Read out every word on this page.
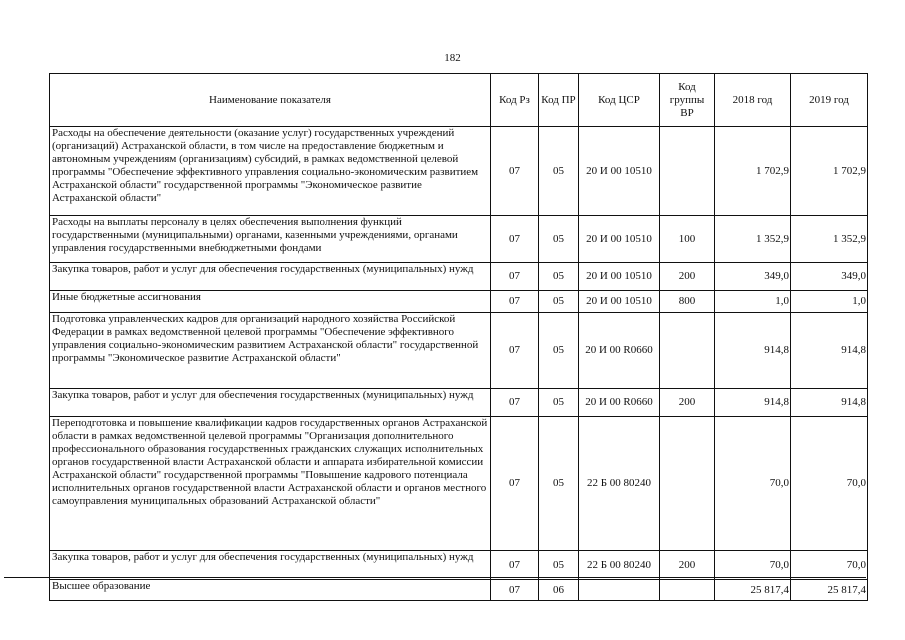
182
Наименование показателя	Код Рз	Код ПР	Код ЦСР	Код группы ВР	2018 год	2019 год
Расходы на обеспечение деятельности (оказание услуг) государственных учреждений (организаций) Астраханской области, в том числе на предоставление бюджетным и автономным учреждениям (организациям) субсидий, в рамках ведомственной целевой программы "Обеспечение эффективного управления социально-экономическим развитием Астраханской области" государственной программы "Экономическое развитие Астраханской области"	07	05	20 И 00 10510		1 702,9	1 702,9
Расходы на выплаты персоналу в целях обеспечения выполнения функций государственными (муниципальными) органами, казенными учреждениями, органами управления государственными внебюджетными фондами	07	05	20 И 00 10510	100	1 352,9	1 352,9
Закупка товаров, работ и услуг для обеспечения государственных (муниципальных) нужд	07	05	20 И 00 10510	200	349,0	349,0
Иные бюджетные ассигнования	07	05	20 И 00 10510	800	1,0	1,0
Подготовка управленческих кадров для организаций народного хозяйства Российской Федерации в рамках ведомственной целевой программы "Обеспечение эффективного управления социально-экономическим развитием Астраханской области" государственной программы "Экономическое развитие Астраханской области"	07	05	20 И 00 R0660		914,8	914,8
Закупка товаров, работ и услуг для обеспечения государственных (муниципальных) нужд	07	05	20 И 00 R0660	200	914,8	914,8
Переподготовка и повышение квалификации кадров государственных органов Астраханской области в рамках ведомственной целевой программы "Организация дополнительного профессионального образования государственных гражданских служащих исполнительных органов государственной власти Астраханской области и аппарата избирательной комиссии Астраханской области" государственной программы "Повышение кадрового потенциала исполнительных органов государственной власти Астраханской области и органов местного самоуправления муниципальных образований Астраханской области"	07	05	22 Б 00 80240		70,0	70,0
Закупка товаров, работ и услуг для обеспечения государственных (муниципальных) нужд	07	05	22 Б 00 80240	200	70,0	70,0
Высшее образование	07	06			25 817,4	25 817,4
